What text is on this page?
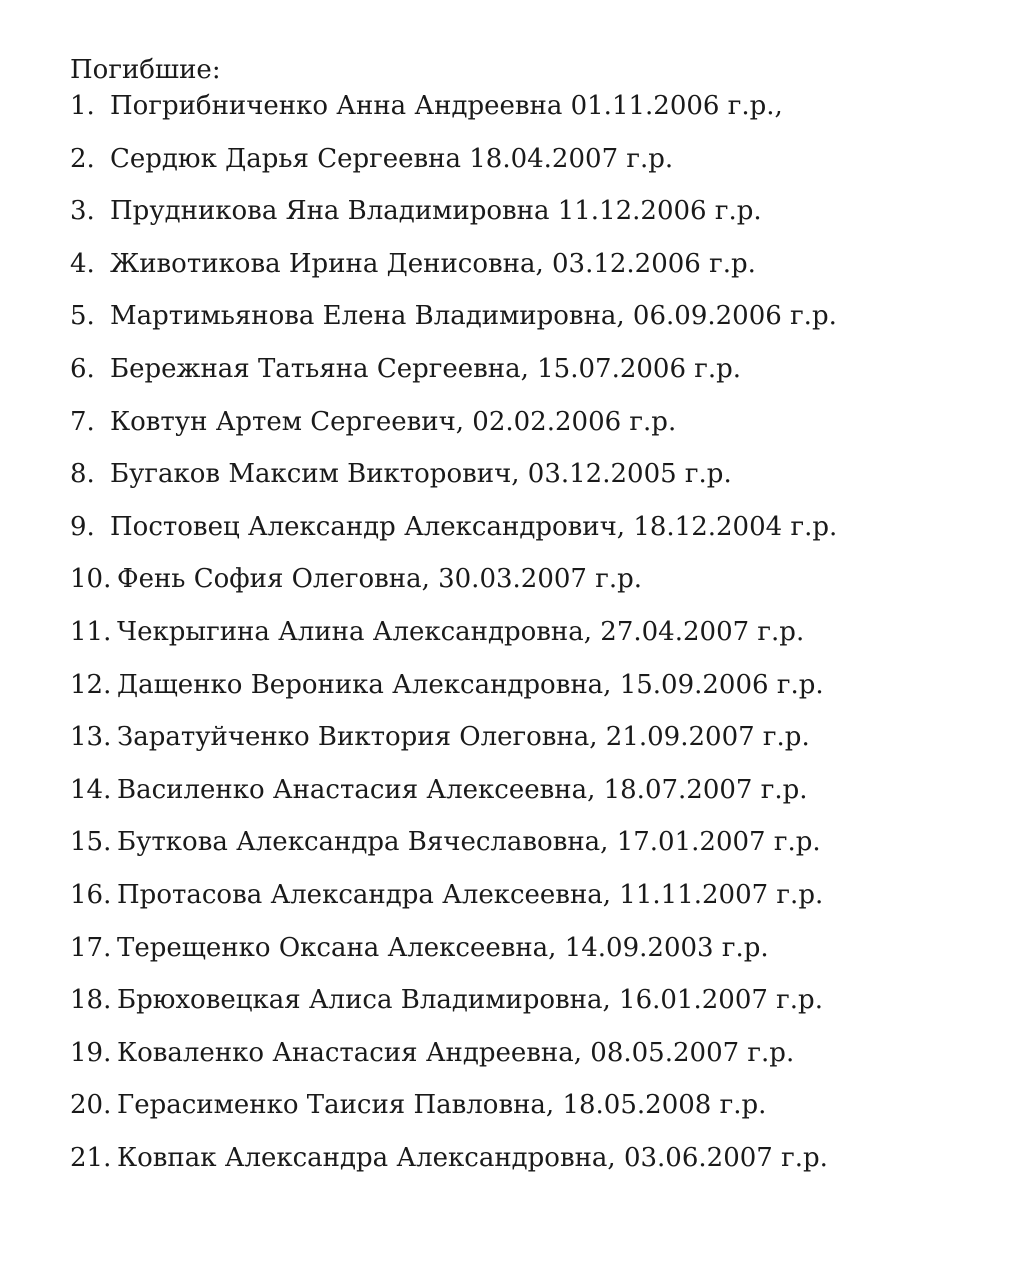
Погибшие:

1. Погрибниченко Анна Андреевна 01.11.2006 г.р.,
2. Сердюк Дарья Сергеевна 18.04.2007 г.р.
3. Прудникова Яна Владимировна 11.12.2006 г.р.
4. Животикова Ирина Денисовна, 03.12.2006 г.р.
5. Мартимьянова Елена Владимировна, 06.09.2006 г.р.
6. Бережная Татьяна Сергеевна, 15.07.2006 г.р.
7. Ковтун Артем Сергеевич, 02.02.2006 г.р.
8. Бугаков Максим Викторович, 03.12.2005 г.р.
9. Постовец Александр Александрович, 18.12.2004 г.р.
10. Фень София Олеговна, 30.03.2007 г.р.
11. Чекрыгина Алина Александровна, 27.04.2007 г.р.
12. Дащенко Вероника Александровна, 15.09.2006 г.р.
13. Заратуйченко Виктория Олеговна, 21.09.2007 г.р.
14. Василенко Анастасия Алексеевна, 18.07.2007 г.р.
15. Буткова Александра Вячеславовна, 17.01.2007 г.р.
16. Протасова Александра Алексеевна, 11.11.2007 г.р.
17. Терещенко Оксана Алексеевна, 14.09.2003 г.р.
18. Брюховецкая Алиса Владимировна, 16.01.2007 г.р.
19. Коваленко Анастасия Андреевна, 08.05.2007 г.р.
20. Герасименко Таисия Павловна, 18.05.2008 г.р.
21. Ковпак Александра Александровна, 03.06.2007 г.р.
